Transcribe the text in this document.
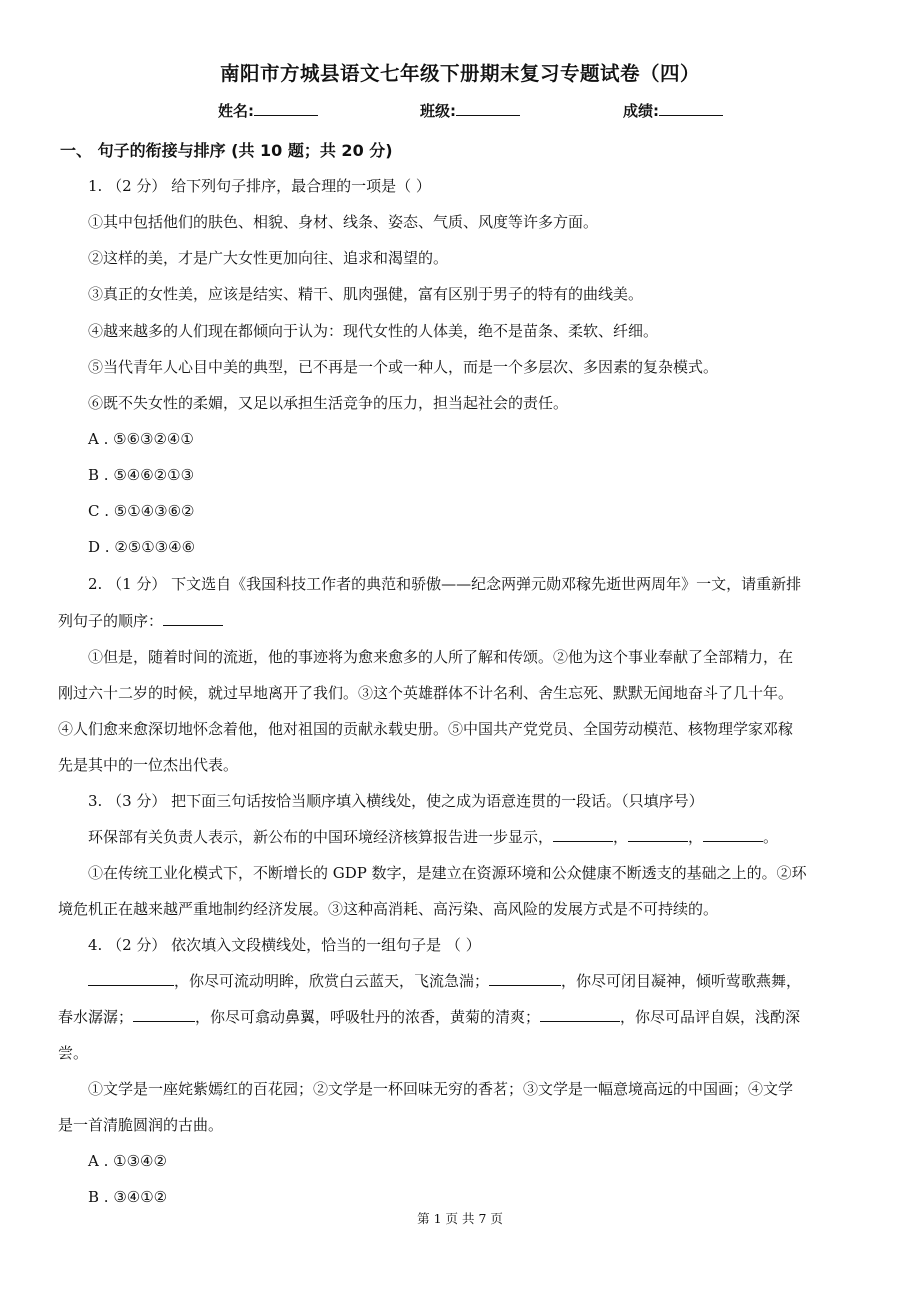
南阳市方城县语文七年级下册期末复习专题试卷（四）
姓名:	班级:	成绩:
一、 句子的衔接与排序 (共 10 题；共 20 分)
1. （2 分） 给下列句子排序，最合理的一项是（ ）
①其中包括他们的肤色、相貌、身材、线条、姿态、气质、风度等许多方面。
②这样的美，才是广大女性更加向往、追求和渴望的。
③真正的女性美，应该是结实、精干、肌肉强健，富有区别于男子的特有的曲线美。
④越来越多的人们现在都倾向于认为：现代女性的人体美，绝不是苗条、柔软、纤细。
⑤当代青年人心目中美的典型，已不再是一个或一种人，而是一个多层次、多因素的复杂模式。
⑥既不失女性的柔媚，又足以承担生活竞争的压力，担当起社会的责任。
A . ⑤⑥③②④①
B . ⑤④⑥②①③
C . ⑤①④③⑥②
D . ②⑤①③④⑥
2. （1 分） 下文选自《我国科技工作者的典范和骄傲——纪念两弹元勋邓稼先逝世两周年》一文，请重新排
列句子的顺序：
①但是，随着时间的流逝，他的事迹将为愈来愈多的人所了解和传颂。②他为这个事业奉献了全部精力，在
刚过六十二岁的时候，就过早地离开了我们。③这个英雄群体不计名利、舍生忘死、默默无闻地奋斗了几十年。
④人们愈来愈深切地怀念着他，他对祖国的贡献永载史册。⑤中国共产党党员、全国劳动模范、核物理学家邓稼
先是其中的一位杰出代表。
3. （3 分） 把下面三句话按恰当顺序填入横线处，使之成为语意连贯的一段话。（只填序号）
环保部有关负责人表示，新公布的中国环境经济核算报告进一步显示，	，	，	。
①在传统工业化模式下，不断增长的 GDP 数字，是建立在资源环境和公众健康不断透支的基础之上的。②环
境危机正在越来越严重地制约经济发展。③这种高消耗、高污染、高风险的发展方式是不可持续的。
4. （2 分） 依次填入文段横线处，恰当的一组句子是 （ ）
，你尽可流动明眸，欣赏白云蓝天，飞流急湍；	，你尽可闭目凝神，倾听莺歌燕舞，
春水潺潺；	，你尽可翕动鼻翼，呼吸牡丹的浓香，黄菊的清爽；	，你尽可品评自娱，浅酌深
尝。
①文学是一座姹紫嫣红的百花园；②文学是一杯回味无穷的香茗；③文学是一幅意境高远的中国画；④文学
是一首清脆圆润的古曲。
A . ①③④②
B . ③④①②
第 1 页 共 7 页
